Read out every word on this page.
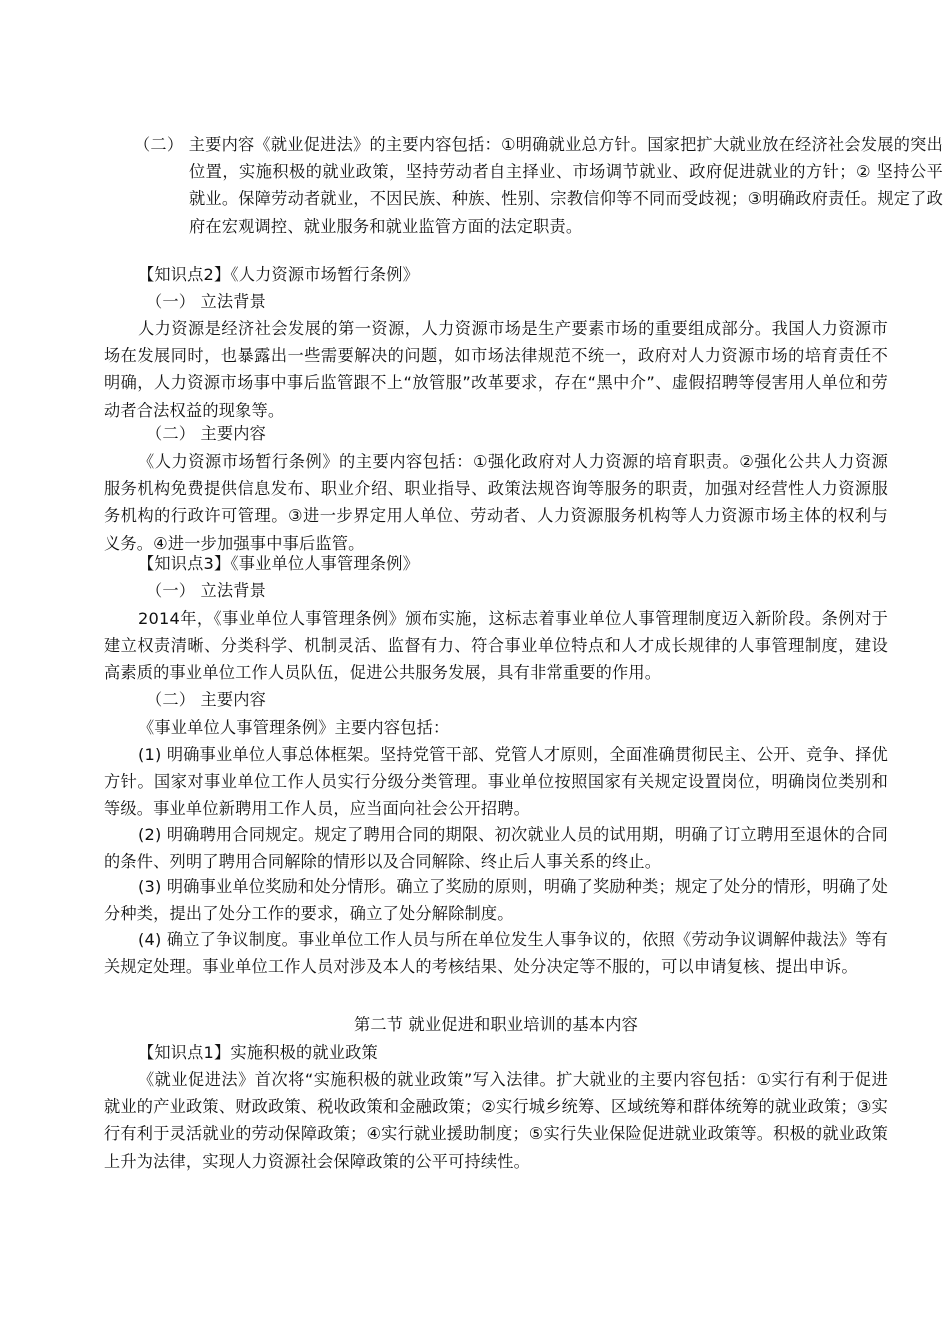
（二） 主要内容《就业促进法》的主要内容包括：①明确就业总方针。国家把扩大就业放在经济社会发展的突出位置，实施积极的就业政策，坚持劳动者自主择业、市场调节就业、政府促进就业的方针；② 坚持公平就业。保障劳动者就业，不因民族、种族、性别、宗教信仰等不同而受歧视；③明确政府责任。规定了政府在宏观调控、就业服务和就业监管方面的法定职责。

【知识点2】《人力资源市场暂行条例》

（一） 立法背景

人力资源是经济社会发展的第一资源，人力资源市场是生产要素市场的重要组成部分。我国人力资源市场在发展同时，也暴露出一些需要解决的问题，如市场法律规范不统一，政府对人力资源市场的培育责任不明确，人力资源市场事中事后监管跟不上“放管服”改革要求，存在“黑中介”、虚假招聘等侵害用人单位和劳动者合法权益的现象等。

（二） 主要内容

《人力资源市场暂行条例》的主要内容包括：①强化政府对人力资源的培育职责。②强化公共人力资源服务机构免费提供信息发布、职业介绍、职业指导、政策法规咨询等服务的职责，加强对经营性人力资源服务机构的行政许可管理。③进一步界定用人单位、劳动者、人力资源服务机构等人力资源市场主体的权利与义务。④进一步加强事中事后监管。

【知识点3】《事业单位人事管理条例》

（一） 立法背景

2014年，《事业单位人事管理条例》颁布实施，这标志着事业单位人事管理制度迈入新阶段。条例对于建立权责清晰、分类科学、机制灵活、监督有力、符合事业单位特点和人才成长规律的人事管理制度，建设高素质的事业单位工作人员队伍，促进公共服务发展，具有非常重要的作用。

（二） 主要内容

《事业单位人事管理条例》主要内容包括：

(1) 明确事业单位人事总体框架。坚持党管干部、党管人才原则，全面准确贯彻民主、公开、竞争、择优方针。国家对事业单位工作人员实行分级分类管理。事业单位按照国家有关规定设置岗位，明确岗位类别和等级。事业单位新聘用工作人员，应当面向社会公开招聘。

(2) 明确聘用合同规定。规定了聘用合同的期限、初次就业人员的试用期，明确了订立聘用至退休的合同的条件、列明了聘用合同解除的情形以及合同解除、终止后人事关系的终止。

(3) 明确事业单位奖励和处分情形。确立了奖励的原则，明确了奖励种类；规定了处分的情形，明确了处分种类，提出了处分工作的要求，确立了处分解除制度。

(4) 确立了争议制度。事业单位工作人员与所在单位发生人事争议的，依照《劳动争议调解仲裁法》等有关规定处理。事业单位工作人员对涉及本人的考核结果、处分决定等不服的，可以申请复核、提出申诉。

第二节 就业促进和职业培训的基本内容

【知识点1】实施积极的就业政策

《就业促进法》首次将“实施积极的就业政策”写入法律。扩大就业的主要内容包括：①实行有利于促进就业的产业政策、财政政策、税收政策和金融政策；②实行城乡统筹、区域统筹和群体统筹的就业政策；③实行有利于灵活就业的劳动保障政策；④实行就业援助制度；⑤实行失业保险促进就业政策等。积极的就业政策上升为法律，实现人力资源社会保障政策的公平可持续性。
